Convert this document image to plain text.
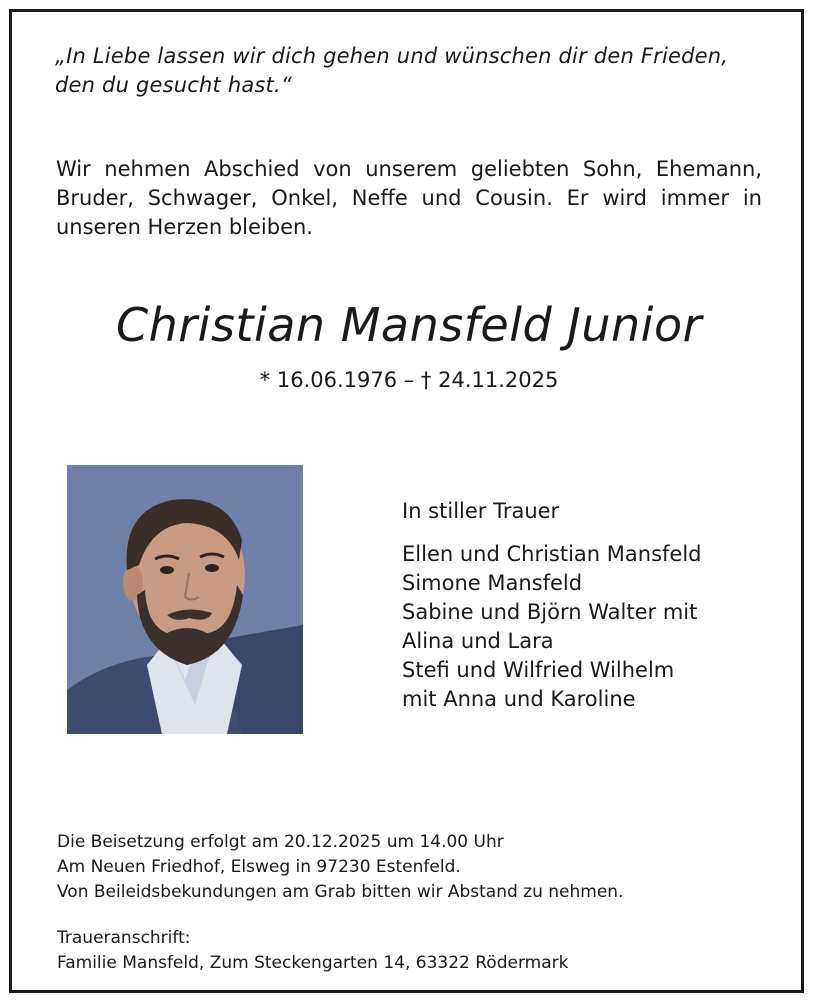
„In Liebe lassen wir dich gehen und wünschen dir den Frieden,
den du gesucht hast.“
Wir nehmen Abschied von unserem geliebten Sohn, Ehemann,
Bruder, Schwager, Onkel, Neffe und Cousin. Er wird immer in
unseren Herzen bleiben.
Christian Mansfeld Junior
* 16.06.1976 – † 24.11.2025
In stiller Trauer
Ellen und Christian Mansfeld
Simone Mansfeld
Sabine und Björn Walter mit
Alina und Lara
Stefi und Wilfried Wilhelm
mit Anna und Karoline
Die Beisetzung erfolgt am 20.12.2025 um 14.00 Uhr
Am Neuen Friedhof, Elsweg in 97230 Estenfeld.
Von Beileidsbekundungen am Grab bitten wir Abstand zu nehmen.
Traueranschrift:
Familie Mansfeld, Zum Steckengarten 14, 63322 Rödermark
